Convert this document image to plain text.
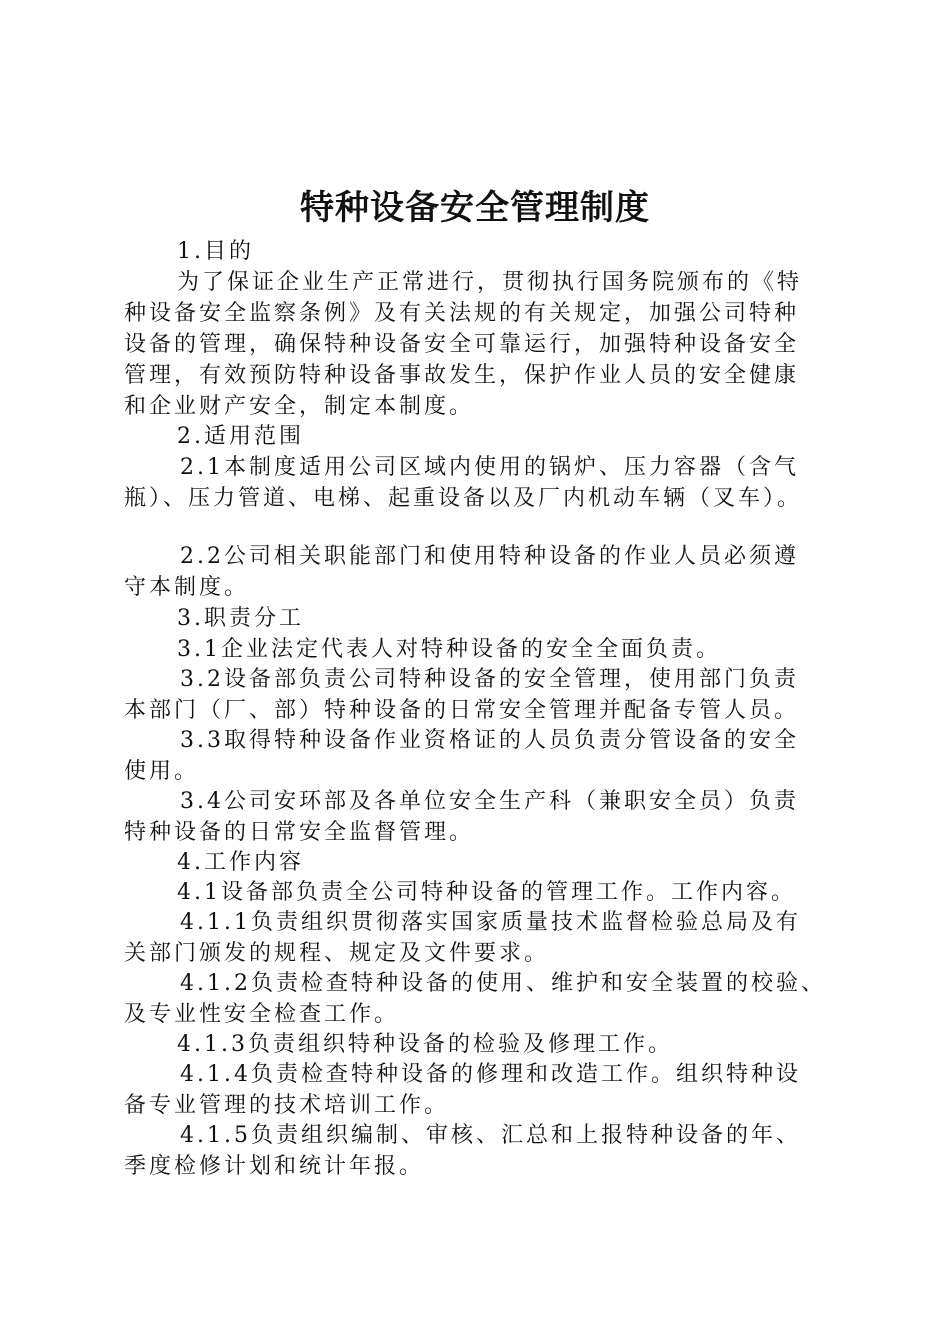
特种设备安全管理制度
1.目的
为了保证企业生产正常进行，贯彻执行国务院颁布的《特
种设备安全监察条例》及有关法规的有关规定，加强公司特种
设备的管理，确保特种设备安全可靠运行，加强特种设备安全
管理，有效预防特种设备事故发生，保护作业人员的安全健康
和企业财产安全，制定本制度。
2.适用范围
2.1本制度适用公司区域内使用的锅炉、压力容器（含气
瓶）、压力管道、电梯、起重设备以及厂内机动车辆（叉车）。
2.2公司相关职能部门和使用特种设备的作业人员必须遵
守本制度。
3.职责分工
3.1企业法定代表人对特种设备的安全全面负责。
3.2设备部负责公司特种设备的安全管理，使用部门负责
本部门（厂、部）特种设备的日常安全管理并配备专管人员。
3.3取得特种设备作业资格证的人员负责分管设备的安全
使用。
3.4公司安环部及各单位安全生产科（兼职安全员）负责
特种设备的日常安全监督管理。
4.工作内容
4.1设备部负责全公司特种设备的管理工作。工作内容。
4.1.1负责组织贯彻落实国家质量技术监督检验总局及有
关部门颁发的规程、规定及文件要求。
4.1.2负责检查特种设备的使用、维护和安全装置的校验、
及专业性安全检查工作。
4.1.3负责组织特种设备的检验及修理工作。
4.1.4负责检查特种设备的修理和改造工作。组织特种设
备专业管理的技术培训工作。
4.1.5负责组织编制、审核、汇总和上报特种设备的年、
季度检修计划和统计年报。
